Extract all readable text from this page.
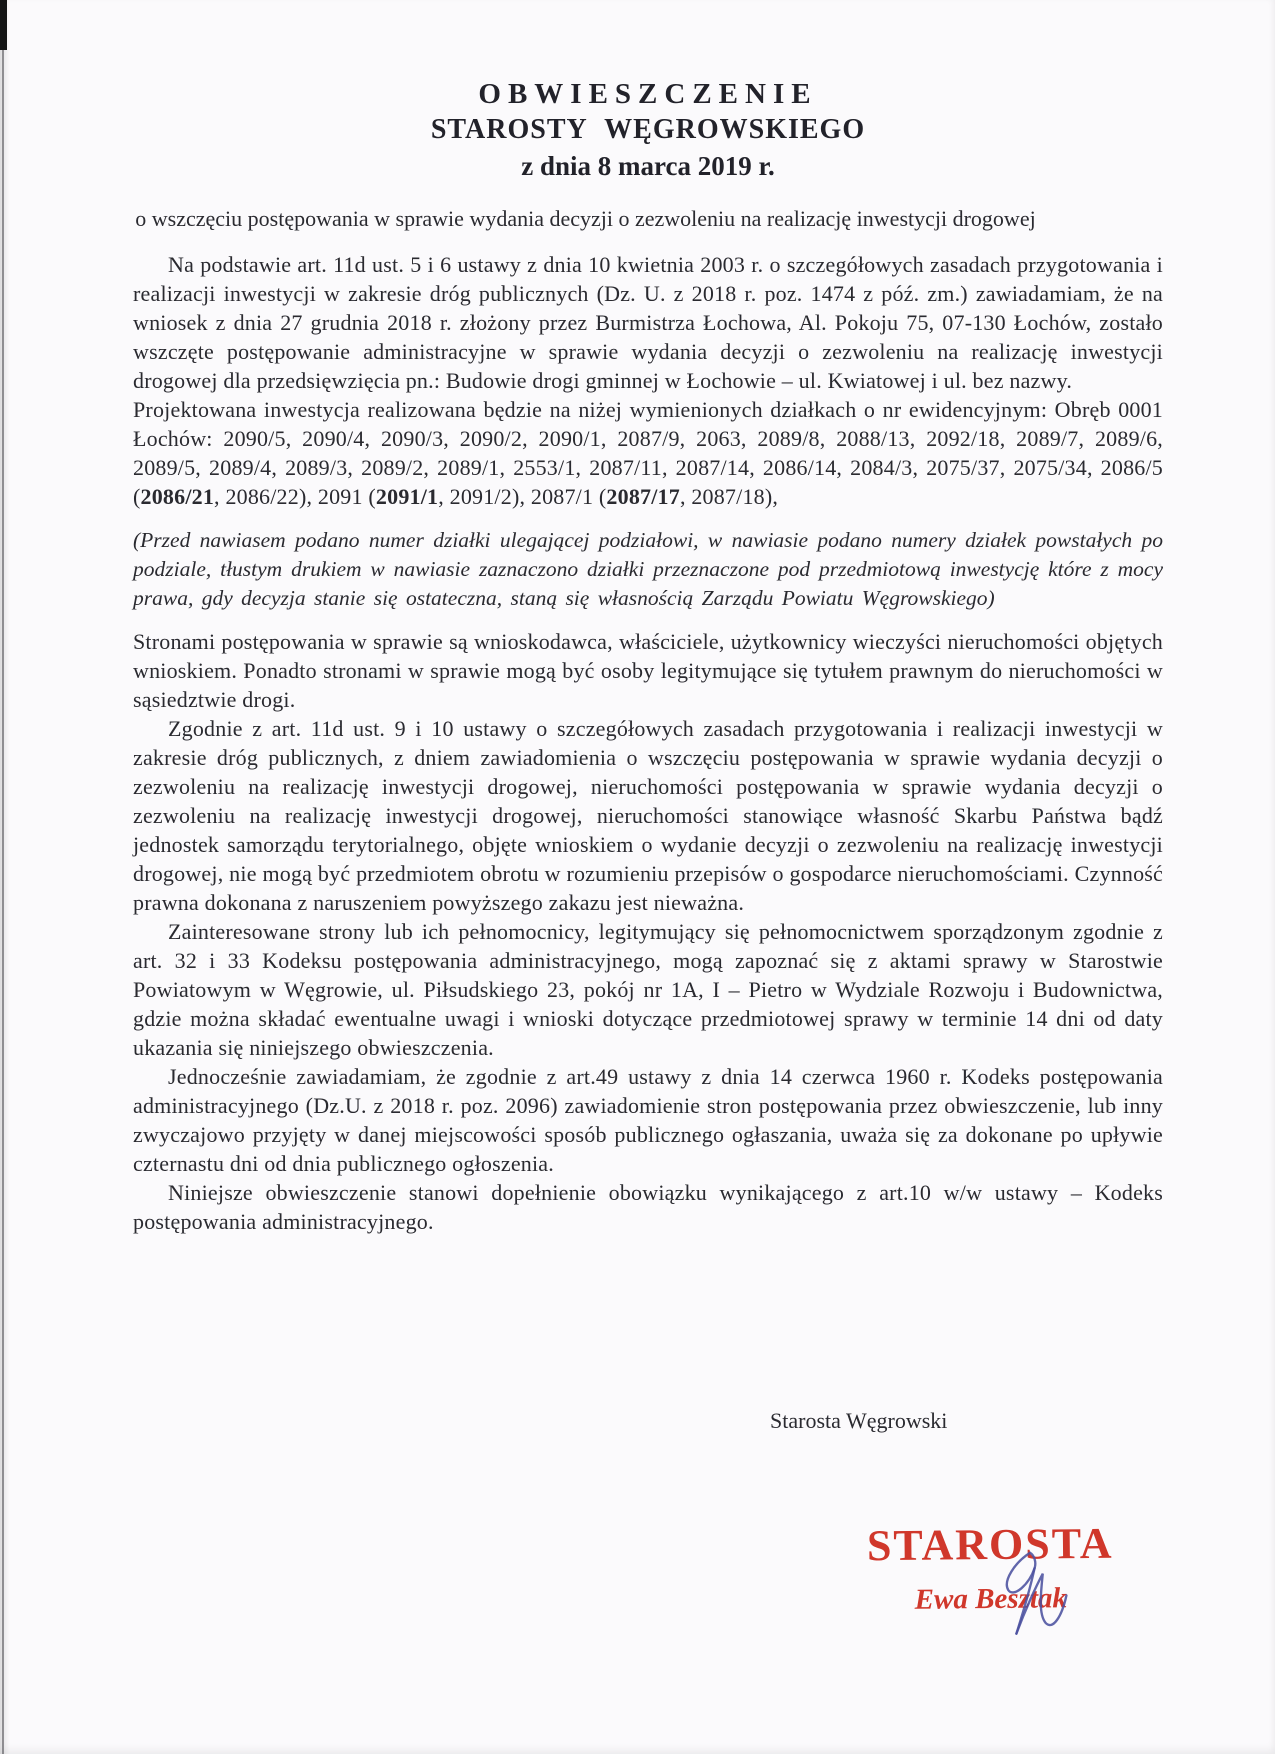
OBWIESZCZENIE
STAROSTY WĘGROWSKIEGO
z dnia 8 marca 2019 r.
o wszczęciu postępowania w sprawie wydania decyzji o zezwoleniu na realizację inwestycji drogowej

Na podstawie art. 11d ust. 5 i 6 ustawy z dnia 10 kwietnia 2003 r. o szczegółowych zasadach przygotowania i realizacji inwestycji w zakresie dróg publicznych (Dz. U. z 2018 r. poz. 1474 z póź. zm.) zawiadamiam, że na wniosek z dnia 27 grudnia 2018 r. złożony przez Burmistrza Łochowa, Al. Pokoju 75, 07-130 Łochów, zostało wszczęte postępowanie administracyjne w sprawie wydania decyzji o zezwoleniu na realizację inwestycji drogowej dla przedsięwzięcia pn.: Budowie drogi gminnej w Łochowie – ul. Kwiatowej i ul. bez nazwy.

Projektowana inwestycja realizowana będzie na niżej wymienionych działkach o nr ewidencyjnym: Obręb 0001 Łochów: 2090/5, 2090/4, 2090/3, 2090/2, 2090/1, 2087/9, 2063, 2089/8, 2088/13, 2092/18, 2089/7, 2089/6, 2089/5, 2089/4, 2089/3, 2089/2, 2089/1, 2553/1, 2087/11, 2087/14, 2086/14, 2084/3, 2075/37, 2075/34, 2086/5 (2086/21, 2086/22), 2091 (2091/1, 2091/2), 2087/1 (2087/17, 2087/18),

(Przed nawiasem podano numer działki ulegającej podziałowi, w nawiasie podano numery działek powstałych po podziale, tłustym drukiem w nawiasie zaznaczono działki przeznaczone pod przedmiotową inwestycję które z mocy prawa, gdy decyzja stanie się ostateczna, staną się własnością Zarządu Powiatu Węgrowskiego)

Stronami postępowania w sprawie są wnioskodawca, właściciele, użytkownicy wieczyści nieruchomości objętych wnioskiem. Ponadto stronami w sprawie mogą być osoby legitymujące się tytułem prawnym do nieruchomości w sąsiedztwie drogi.

Zgodnie z art. 11d ust. 9 i 10 ustawy o szczegółowych zasadach przygotowania i realizacji inwestycji w zakresie dróg publicznych, z dniem zawiadomienia o wszczęciu postępowania w sprawie wydania decyzji o zezwoleniu na realizację inwestycji drogowej, nieruchomości postępowania w sprawie wydania decyzji o zezwoleniu na realizację inwestycji drogowej, nieruchomości stanowiące własność Skarbu Państwa bądź jednostek samorządu terytorialnego, objęte wnioskiem o wydanie decyzji o zezwoleniu na realizację inwestycji drogowej, nie mogą być przedmiotem obrotu w rozumieniu przepisów o gospodarce nieruchomościami. Czynność prawna dokonana z naruszeniem powyższego zakazu jest nieważna.

Zainteresowane strony lub ich pełnomocnicy, legitymujący się pełnomocnictwem sporządzonym zgodnie z art. 32 i 33 Kodeksu postępowania administracyjnego, mogą zapoznać się z aktami sprawy w Starostwie Powiatowym w Węgrowie, ul. Piłsudskiego 23, pokój nr 1A, I – Pietro w Wydziale Rozwoju i Budownictwa, gdzie można składać ewentualne uwagi i wnioski dotyczące przedmiotowej sprawy w terminie 14 dni od daty ukazania się niniejszego obwieszczenia.

Jednocześnie zawiadamiam, że zgodnie z art.49 ustawy z dnia 14 czerwca 1960 r. Kodeks postępowania administracyjnego (Dz.U. z 2018 r. poz. 2096) zawiadomienie stron postępowania przez obwieszczenie, lub inny zwyczajowo przyjęty w danej miejscowości sposób publicznego ogłaszania, uważa się za dokonane po upływie czternastu dni od dnia publicznego ogłoszenia.

Niniejsze obwieszczenie stanowi dopełnienie obowiązku wynikającego z art.10 w/w ustawy – Kodeks postępowania administracyjnego.

Starosta Węgrowski
STAROSTA
Ewa Besztak
